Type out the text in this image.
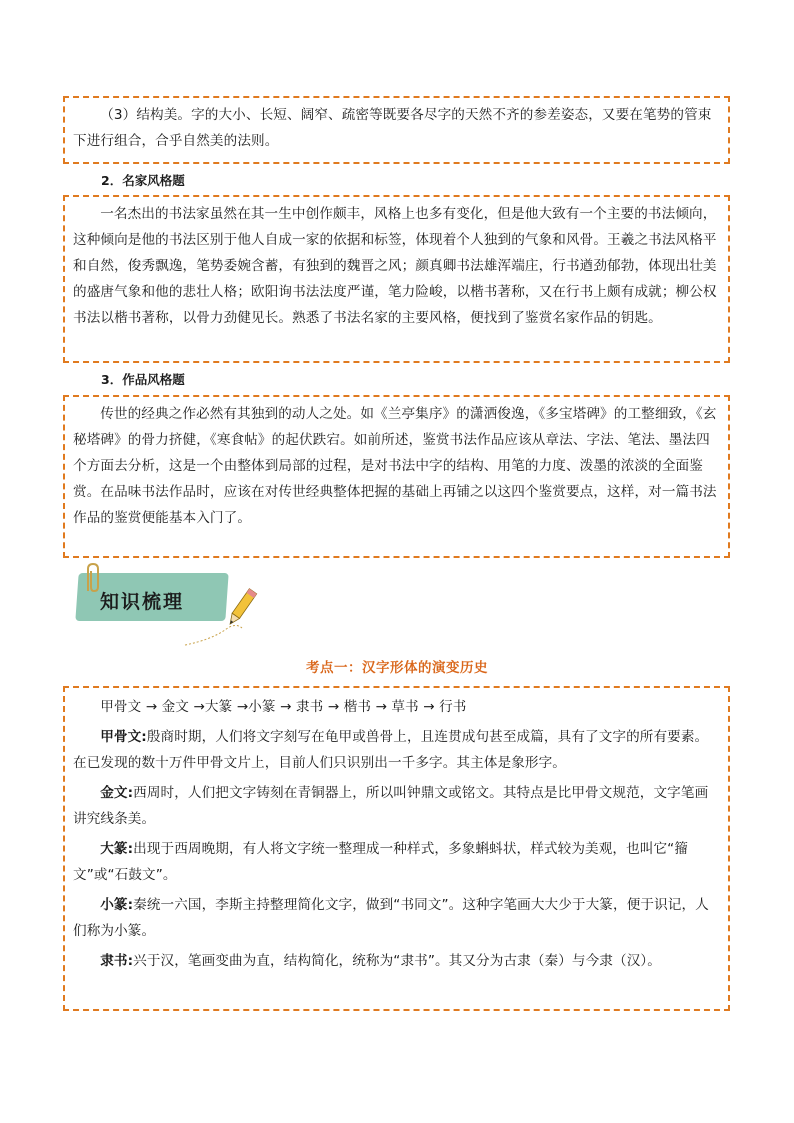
（3）结构美。字的大小、长短、阔窄、疏密等既要各尽字的天然不齐的参差姿态，又要在笔势的管束下进行组合，合乎自然美的法则。

2．名家风格题

一名杰出的书法家虽然在其一生中创作颇丰，风格上也多有变化，但是他大致有一个主要的书法倾向，这种倾向是他的书法区别于他人自成一家的依据和标签，体现着个人独到的气象和风骨。王羲之书法风格平和自然，俊秀飘逸，笔势委婉含蓄，有独到的魏晋之风；颜真卿书法雄浑端庄，行书遒劲郁勃，体现出壮美的盛唐气象和他的悲壮人格；欧阳询书法法度严谨，笔力险峻，以楷书著称，又在行书上颇有成就；柳公权书法以楷书著称，以骨力劲健见长。熟悉了书法名家的主要风格，便找到了鉴赏名家作品的钥匙。

3．作品风格题

传世的经典之作必然有其独到的动人之处。如《兰亭集序》的潇洒俊逸，《多宝塔碑》的工整细致，《玄秘塔碑》的骨力挤健，《寒食帖》的起伏跌宕。如前所述，鉴赏书法作品应该从章法、字法、笔法、墨法四个方面去分析，这是一个由整体到局部的过程，是对书法中字的结构、用笔的力度、泼墨的浓淡的全面鉴赏。在品味书法作品时，应该在对传世经典整体把握的基础上再铺之以这四个鉴赏要点，这样，对一篇书法作品的鉴赏便能基本入门了。

知识梳理
考点一：汉字形体的演变历史

甲骨文 → 金文 →大篆 →小篆 → 隶书 → 楷书 → 草书 → 行书

甲骨文:殷商时期，人们将文字刻写在龟甲或兽骨上，且连贯成句甚至成篇，具有了文字的所有要素。在已发现的数十万件甲骨文片上，目前人们只识别出一千多字。其主体是象形字。

金文:西周时，人们把文字铸刻在青铜器上，所以叫钟鼎文或铭文。其特点是比甲骨文规范，文字笔画讲究线条美。

大篆:出现于西周晚期，有人将文字统一整理成一种样式，多象蝌蚪状，样式较为美观，也叫它“籀文”或“石鼓文”。

小篆:秦统一六国，李斯主持整理简化文字，做到“书同文”。这种字笔画大大少于大篆，便于识记，人们称为小篆。

隶书:兴于汉，笔画变曲为直，结构简化，统称为“隶书”。其又分为古隶（秦）与今隶（汉）。
